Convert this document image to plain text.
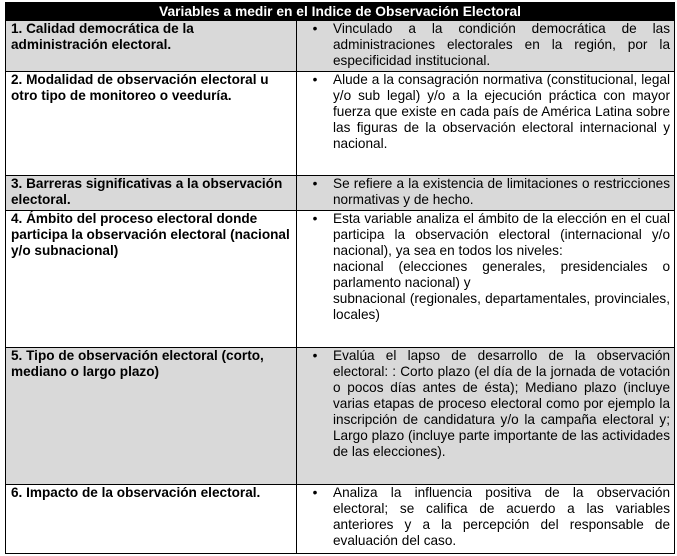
Variables a medir en el Indice de Observación Electoral	
1. Calidad democrática de la administración electoral.	• Vinculado a la condición democrática de las administraciones electorales en la región, por la especificidad institucional.

2. Modalidad de observación electoral u otro tipo de monitoreo o veeduría.	• Alude a la consagración normativa (constitucional, legal y/o sub legal) y/o a la ejecución práctica con mayor fuerza que existe en cada país de América Latina sobre las figuras de la observación electoral internacional y nacional.

3. Barreras significativas a la observación electoral.	• Se refiere a la existencia de limitaciones o restricciones normativas y de hecho.

4. Ámbito del proceso electoral donde participa la observación electoral (nacional y/o subnacional)	• Esta variable analiza el ámbito de la elección en el cual participa la observación electoral (internacional y/o nacional), ya sea en todos los niveles:
nacional (elecciones generales, presidenciales o parlamento nacional) y
subnacional (regionales, departamentales, provinciales, locales)

5. Tipo de observación electoral (corto, mediano o largo plazo)	• Evalúa el lapso de desarrollo de la observación electoral: : Corto plazo (el día de la jornada de votación o pocos días antes de ésta); Mediano plazo (incluye varias etapas de proceso electoral como por ejemplo la inscripción de candidatura y/o la campaña electoral y; Largo plazo (incluye parte importante de las actividades de las elecciones).

6. Impacto de la observación electoral.	• Analiza la influencia positiva de la observación electoral; se califica de acuerdo a las variables anteriores y a la percepción del responsable de evaluación del caso.
